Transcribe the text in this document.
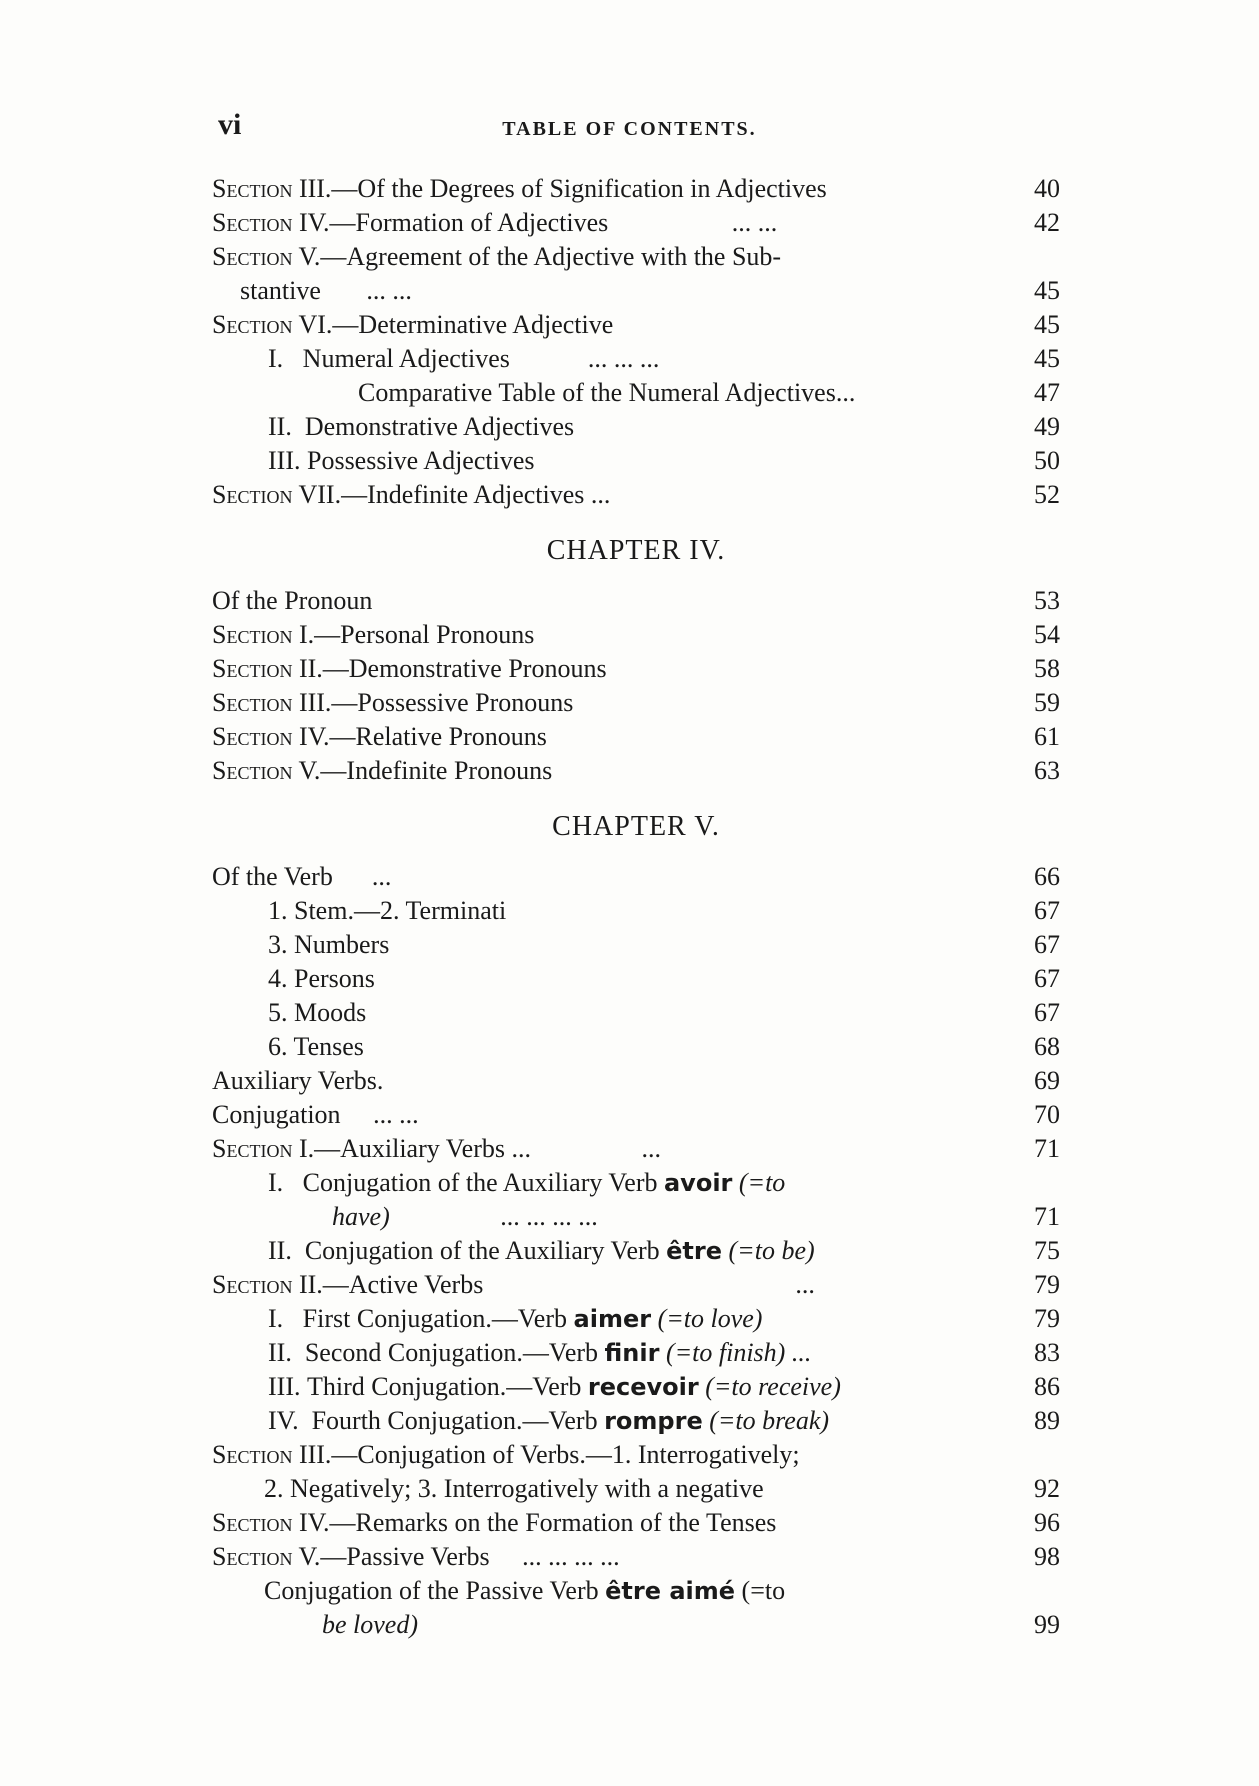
vi	TABLE OF CONTENTS.
Section III.—Of the Degrees of Signification in Adjectives	40
Section IV.—Formation of Adjectives	... ...	42
Section V.—Agreement of the Adjective with the Sub-
stantive ... ...	45
Section VI.—Determinative Adjective	45
I. Numeral Adjectives	... ... ...	45
Comparative Table of the Numeral Adjectives...	47
II. Demonstrative Adjectives	49
III. Possessive Adjectives	50
Section VII.—Indefinite Adjectives ...	52
CHAPTER IV.
Of the Pronoun	53
Section I.—Personal Pronouns	54
Section II.—Demonstrative Pronouns	58
Section III.—Possessive Pronouns	59
Section IV.—Relative Pronouns	61
Section V.—Indefinite Pronouns	63
CHAPTER V.
Of the Verb ...	66
1. Stem.—2. Terminati	67
3. Numbers	67
4. Persons	67
5. Moods	67
6. Tenses	68
Auxiliary Verbs.	69
Conjugation ... ...	70
Section I.—Auxiliary Verbs ...	...	71
I. Conjugation of the Auxiliary Verb avoir (=to
have)	... ... ... ...	71
II. Conjugation of the Auxiliary Verb être (=to be)	75
Section II.—Active Verbs	...	79
I. First Conjugation.—Verb aimer (=to love)	79
II. Second Conjugation.—Verb finir (=to finish) ...	83
III. Third Conjugation.—Verb recevoir (=to receive)	86
IV. Fourth Conjugation.—Verb rompre (=to break)	89
Section III.—Conjugation of Verbs.—1. Interrogatively;
2. Negatively; 3. Interrogatively with a negative	92
Section IV.—Remarks on the Formation of the Tenses	96
Section V.—Passive Verbs ... ... ... ...	98
Conjugation of the Passive Verb être aimé (=to
be loved)	99
